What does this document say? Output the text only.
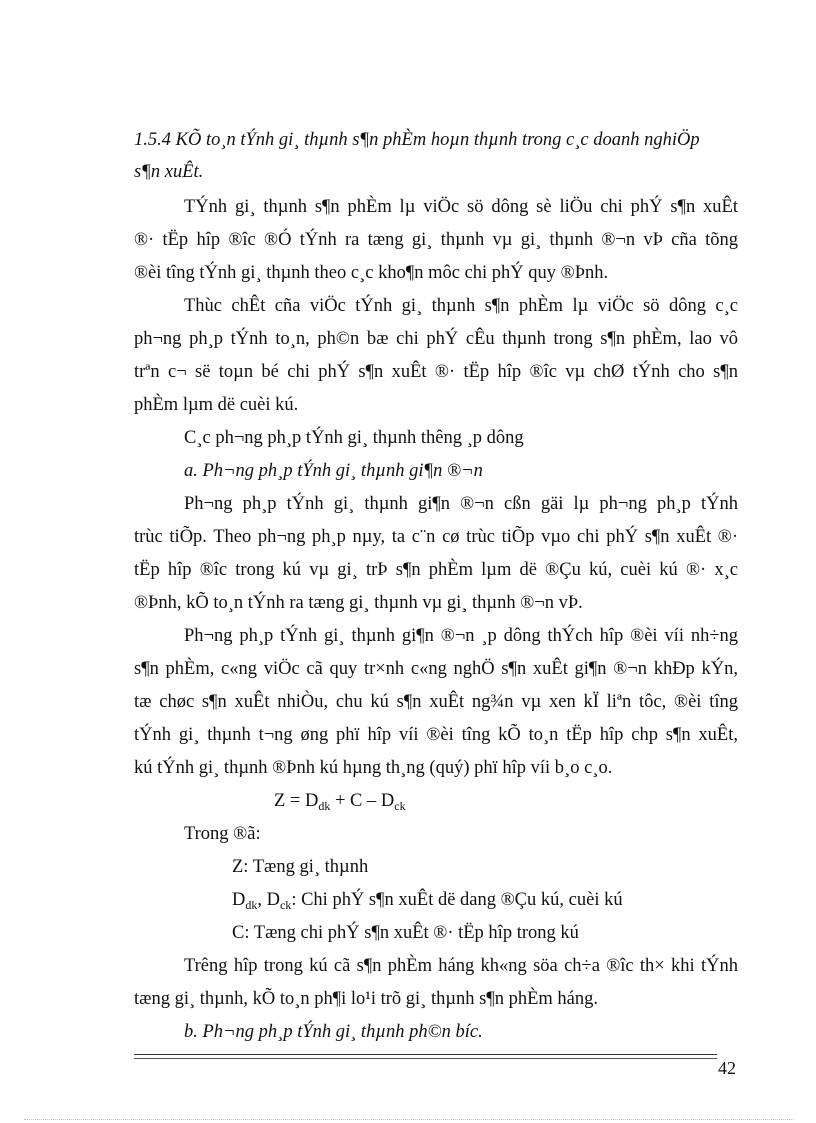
1.5.4 KÕ to¸n tÝnh gi¸ thµnh s¶n phÈm hoµn thµnh trong c¸c doanh nghiÖp
s¶n xuÊt.
TÝnh gi¸ thµnh s¶n phÈm lµ viÖc sö dông sè liÖu chi phÝ s¶n xuÊt
®· tËp hîp ®îc ®Ó tÝnh ra tæng gi¸ thµnh vµ gi¸ thµnh ®¬n vÞ cña tõng
®èi tîng tÝnh gi¸ thµnh theo c¸c kho¶n môc chi phÝ quy ®Þnh.
Thùc chÊt cña viÖc tÝnh gi¸ thµnh s¶n phÈm lµ viÖc sö dông c¸c
ph¬ng ph¸p tÝnh to¸n, ph©n bæ chi phÝ cÊu thµnh trong s¶n phÈm, lao vô
trªn c¬ së toµn bé chi phÝ s¶n xuÊt ®· tËp hîp ®îc vµ chØ tÝnh cho s¶n
phÈm lµm dë cuèi kú.
C¸c ph¬ng ph¸p tÝnh gi¸ thµnh thêng ¸p dông
a. Ph¬ng ph¸p tÝnh gi¸ thµnh gi¶n ®¬n
Ph¬ng ph¸p tÝnh gi¸ thµnh gi¶n ®¬n cßn gäi lµ ph¬ng ph¸p tÝnh
trùc tiÕp. Theo ph¬ng ph¸p nµy, ta c¨n cø trùc tiÕp vµo chi phÝ s¶n xuÊt ®·
tËp hîp ®îc trong kú vµ gi¸ trÞ s¶n phÈm lµm dë ®Çu kú, cuèi kú ®· x¸c
®Þnh, kÕ to¸n tÝnh ra tæng gi¸ thµnh vµ gi¸ thµnh ®¬n vÞ.
Ph¬ng ph¸p tÝnh gi¸ thµnh gi¶n ®¬n ¸p dông thÝch hîp ®èi víi nh÷ng
s¶n phÈm, c«ng viÖc cã quy tr×nh c«ng nghÖ s¶n xuÊt gi¶n ®¬n khÐp kÝn,
tæ chøc s¶n xuÊt nhiÒu, chu kú s¶n xuÊt ng¾n vµ xen kÏ liªn tôc, ®èi tîng
tÝnh gi¸ thµnh t¬ng øng phï hîp víi ®èi tîng kÕ to¸n tËp hîp chp s¶n xuÊt,
kú tÝnh gi¸ thµnh ®Þnh kú hµng th¸ng (quý) phï hîp víi b¸o c¸o.
$Z = D_{dk} + C - D_{ck}$
Trong ®ã:
Z: Tæng gi¸ thµnh
$D_{dk}$, $D_{ck}$: Chi phÝ s¶n xuÊt dë dang ®Çu kú, cuèi kú
C: Tæng chi phÝ s¶n xuÊt ®· tËp hîp trong kú
Trêng hîp trong kú cã s¶n phÈm háng kh«ng söa ch÷a ®îc th× khi tÝnh
tæng gi¸ thµnh, kÕ to¸n ph¶i lo¹i trõ gi¸ thµnh s¶n phÈm háng.
b. Ph¬ng ph¸p tÝnh gi¸ thµnh ph©n bíc.
42
